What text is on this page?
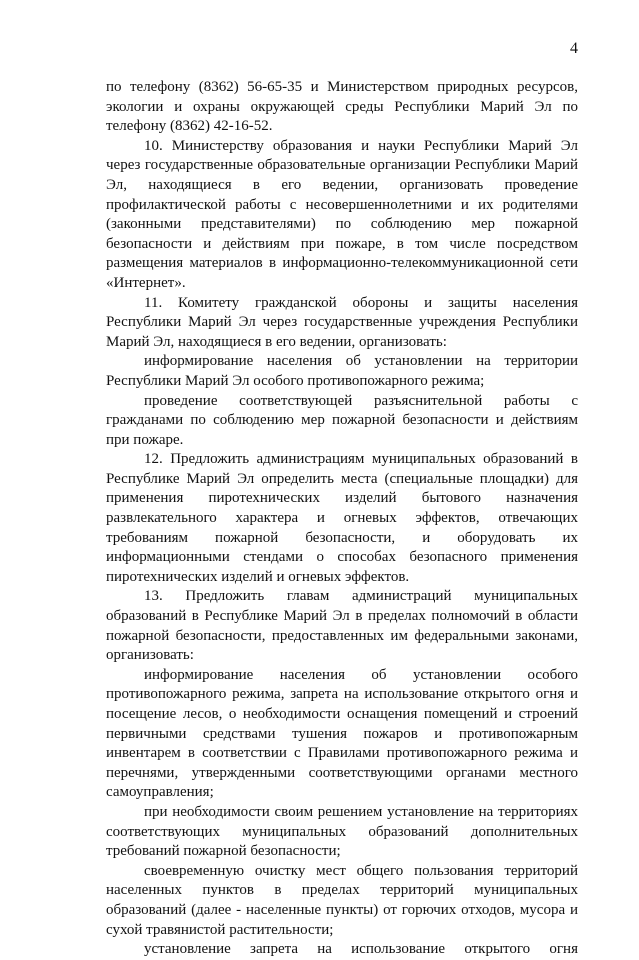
4

по телефону (8362) 56-65-35 и Министерством природных ресурсов, экологии и охраны окружающей среды Республики Марий Эл по телефону (8362) 42-16-52.

10. Министерству образования и науки Республики Марий Эл через государственные образовательные организации Республики Марий Эл, находящиеся в его ведении, организовать проведение профилактической работы с несовершеннолетними и их родителями (законными представителями) по соблюдению мер пожарной безопасности и действиям при пожаре, в том числе посредством размещения материалов в информационно-телекоммуникационной сети «Интернет».

11. Комитету гражданской обороны и защиты населения Республики Марий Эл через государственные учреждения Республики Марий Эл, находящиеся в его ведении, организовать:

информирование населения об установлении на территории Республики Марий Эл особого противопожарного режима;

проведение соответствующей разъяснительной работы с гражданами по соблюдению мер пожарной безопасности и действиям при пожаре.

12. Предложить администрациям муниципальных образований в Республике Марий Эл определить места (специальные площадки) для применения пиротехнических изделий бытового назначения развлекательного характера и огневых эффектов, отвечающих требованиям пожарной безопасности, и оборудовать их информационными стендами о способах безопасного применения пиротехнических изделий и огневых эффектов.

13. Предложить главам администраций муниципальных образований в Республике Марий Эл в пределах полномочий в области пожарной безопасности, предоставленных им федеральными законами, организовать:

информирование населения об установлении особого противопожарного режима, запрета на использование открытого огня и посещение лесов, о необходимости оснащения помещений и строений первичными средствами тушения пожаров и противопожарным инвентарем в соответствии с Правилами противопожарного режима и перечнями, утвержденными соответствующими органами местного самоуправления;

при необходимости своим решением установление на территориях соответствующих муниципальных образований дополнительных требований пожарной безопасности;

своевременную очистку мест общего пользования территорий населенных пунктов в пределах территорий муниципальных образований (далее - населенные пункты) от горючих отходов, мусора и сухой травянистой растительности;

установление запрета на использование открытого огня
